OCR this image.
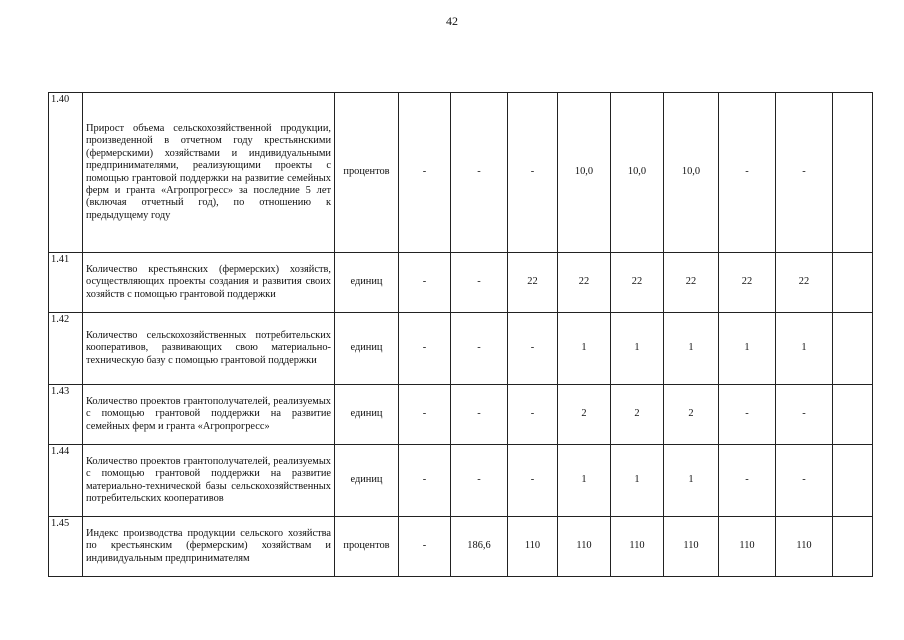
42
1.40	Прирост объема сельскохозяйственной продукции, произведенной в отчетном году крестьянскими (фермерскими) хозяйствами и индивидуальными предпринимателями, реализующими проекты с помощью грантовой поддержки на развитие семейных ферм и гранта «Агропрогресс» за последние 5 лет (включая отчетный год), по отношению к предыдущему году	процентов	-	-	-	10,0	10,0	10,0	-	-	
1.41	Количество крестьянских (фермерских) хозяйств, осуществляющих проекты создания и развития своих хозяйств с помощью грантовой поддержки	единиц	-	-	22	22	22	22	22	22	
1.42	Количество сельскохозяйственных потребительских кооперативов, развивающих свою материально-техническую базу с помощью грантовой поддержки	единиц	-	-	-	1	1	1	1	1	
1.43	Количество проектов грантополучателей, реализуемых с помощью грантовой поддержки на развитие семейных ферм и гранта «Агропрогресс»	единиц	-	-	-	2	2	2	-	-	
1.44	Количество проектов грантополучателей, реализуемых с помощью грантовой поддержки на развитие материально-технической базы сельскохозяйственных потребительских кооперативов	единиц	-	-	-	1	1	1	-	-	
1.45	Индекс производства продукции сельского хозяйства по крестьянским (фермерским) хозяйствам и индивидуальным предпринимателям	процентов	-	186,6	110	110	110	110	110	110	
